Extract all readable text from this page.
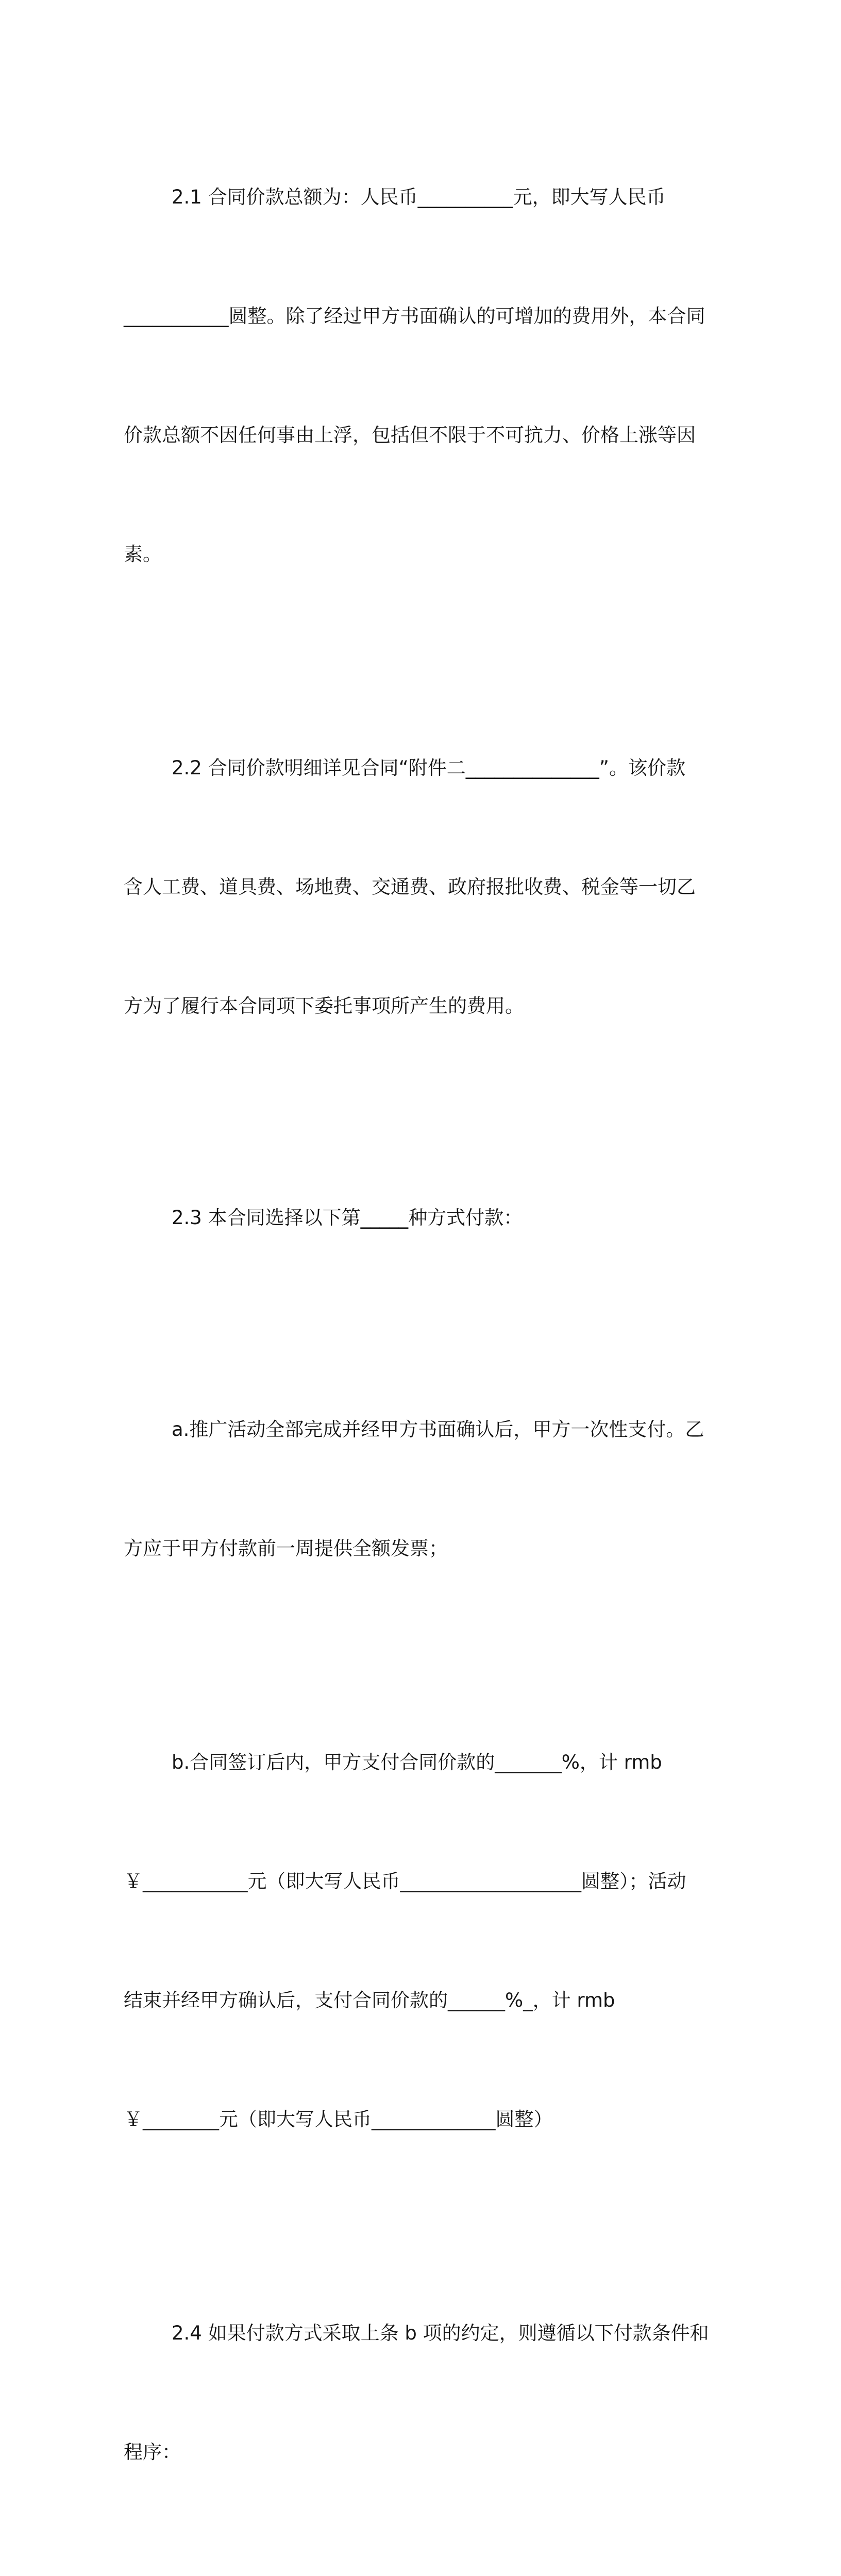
2.1 合同价款总额为：人民币__________元，即大写人民币

___________圆整。除了经过甲方书面确认的可增加的费用外，本合同

价款总额不因任何事由上浮，包括但不限于不可抗力、价格上涨等因

素。

2.2 合同价款明细详见合同“附件二______________”。该价款

含人工费、道具费、场地费、交通费、政府报批收费、税金等一切乙

方为了履行本合同项下委托事项所产生的费用。

2.3 本合同选择以下第_____种方式付款：

a.推广活动全部完成并经甲方书面确认后，甲方一次性支付。乙

方应于甲方付款前一周提供全额发票；

b.合同签订后内，甲方支付合同价款的_______%，计 rmb

￥___________元（即大写人民币___________________圆整）；活动

结束并经甲方确认后，支付合同价款的______%_，计 rmb

￥________元（即大写人民币_____________圆整）

2.4 如果付款方式采取上条 b 项的约定，则遵循以下付款条件和

程序：
